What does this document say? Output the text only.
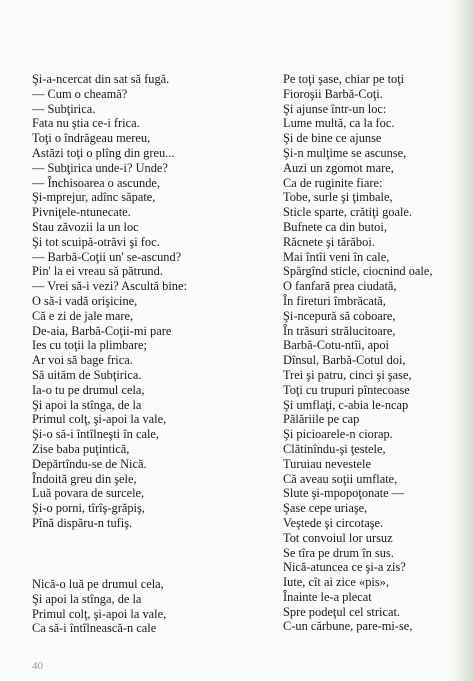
Şi-a-ncercat din sat să fugă.
— Cum o cheamă?
— Subţirica.
Fata nu ştia ce-i frica.
Toţi o îndrăgeau mereu,
Astăzi toţi o plîng din greu...
— Subţirica unde-i? Unde?
— Închisoarea o ascunde,
Şi-mprejur, adînc săpate,
Pivniţele-ntunecate.
Stau zăvozii la un loc
Şi tot scuipă-otrăvi şi foc.
— Barbă-Coţii un' se-ascund?
Pin' la ei vreau să pătrund.
— Vrei să-i vezi? Ascultă bine:
O să-i vadă orişicine,
Că e zi de jale mare,
De-aia, Barbă-Coţii-mi pare
Ies cu toţii la plimbare;
Ar voi să bage frica.
Să uităm de Subţirica.
Ia-o tu pe drumul cela,
Şi apoi la stînga, de la
Primul colţ, şi-apoi la vale,
Şi-o să-i întîlneşti în cale,
Zise baba puţintică,
Depărtîndu-se de Nică.
Îndoită greu din şele,
Luă povara de surcele,
Şi-o porni, tîrîş-grăpiş,
Pînă dispăru-n tufiş.
Nică-o luă pe drumul cela,
Şi apoi la stînga, de la
Primul colţ, şi-apoi la vale,
Ca să-i întîlnească-n cale
Pe toţi şase, chiar pe toţi
Fioroşii Barbă-Coţi.
Şi ajunse într-un loc:
Lume multă, ca la foc.
Şi de bine ce ajunse
Şi-n mulţime se ascunse,
Auzi un zgomot mare,
Ca de ruginite fiare:
Tobe, surle şi ţimbale,
Sticle sparte, crătiţi goale.
Bufnete ca din butoi,
Răcnete şi tărăboi.
Mai întîi veni în cale,
Spărgînd sticle, ciocnind oale,
O fanfară prea ciudată,
În fireturi îmbrăcată,
Şi-ncepură să coboare,
În trăsuri strălucitoare,
Barbă-Cotu-ntîi, apoi
Dînsul, Barbă-Cotul doi,
Trei şi patru, cinci şi şase,
Toţi cu trupuri pîntecoase
Şi umflaţi, c-abia le-ncap
Pălăriile pe cap
Şi picioarele-n ciorap.
Clătinîndu-şi ţestele,
Turuiau nevestele
Că aveau soţii umflate,
Slute şi-mpopoţonate —
Şase cepe uriaşe,
Veştede şi circotaşe.
Tot convoiul lor ursuz
Se tîra pe drum în sus.
Nică-atuncea ce şi-a zis?
Iute, cît ai zice «pis»,
Înainte le-a plecat
Spre podeţul cel stricat.
C-un cărbune, pare-mi-se,
40
